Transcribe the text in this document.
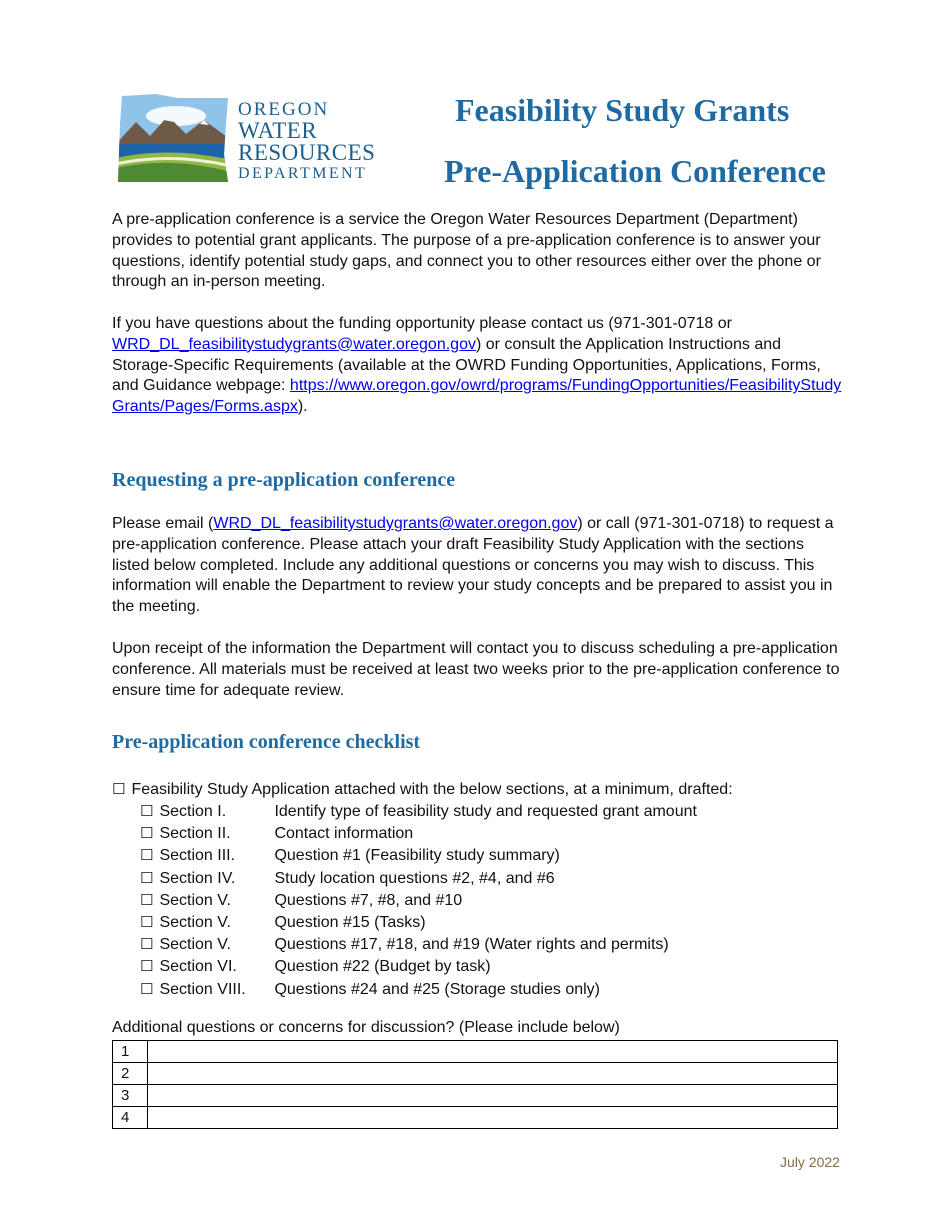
OREGON
WATER
RESOURCES
DEPARTMENT
Feasibility Study Grants
Pre-Application Conference
A pre-application conference is a service the Oregon Water Resources Department (Department) provides to potential grant applicants. The purpose of a pre-application conference is to answer your questions, identify potential study gaps, and connect you to other resources either over the phone or through an in-person meeting.
If you have questions about the funding opportunity please contact us (971-301-0718 or WRD_DL_feasibilitystudygrants@water.oregon.gov) or consult the Application Instructions and Storage-Specific Requirements (available at the OWRD Funding Opportunities, Applications, Forms, and Guidance webpage: https://www.oregon.gov/owrd/programs/FundingOpportunities/FeasibilityStudyGrants/Pages/Forms.aspx).
Requesting a pre-application conference
Please email (WRD_DL_feasibilitystudygrants@water.oregon.gov) or call (971-301-0718) to request a pre-application conference. Please attach your draft Feasibility Study Application with the sections listed below completed. Include any additional questions or concerns you may wish to discuss. This information will enable the Department to review your study concepts and be prepared to assist you in the meeting.
Upon receipt of the information the Department will contact you to discuss scheduling a pre-application conference. All materials must be received at least two weeks prior to the pre-application conference to ensure time for adequate review.
Pre-application conference checklist
☐ Feasibility Study Application attached with the below sections, at a minimum, drafted:
☐ Section I.	Identify type of feasibility study and requested grant amount
☐ Section II.	Contact information
☐ Section III. Question #1 (Feasibility study summary)
☐ Section IV. Study location questions #2, #4, and #6
☐ Section V.	Questions #7, #8, and #10
☐ Section V.	Question #15 (Tasks)
☐ Section V.	Questions #17, #18, and #19 (Water rights and permits)
☐ Section VI. Question #22 (Budget by task)
☐ Section VIII. Questions #24 and #25 (Storage studies only)
Additional questions or concerns for discussion? (Please include below)
1	
2	
3	
4	
July 2022
